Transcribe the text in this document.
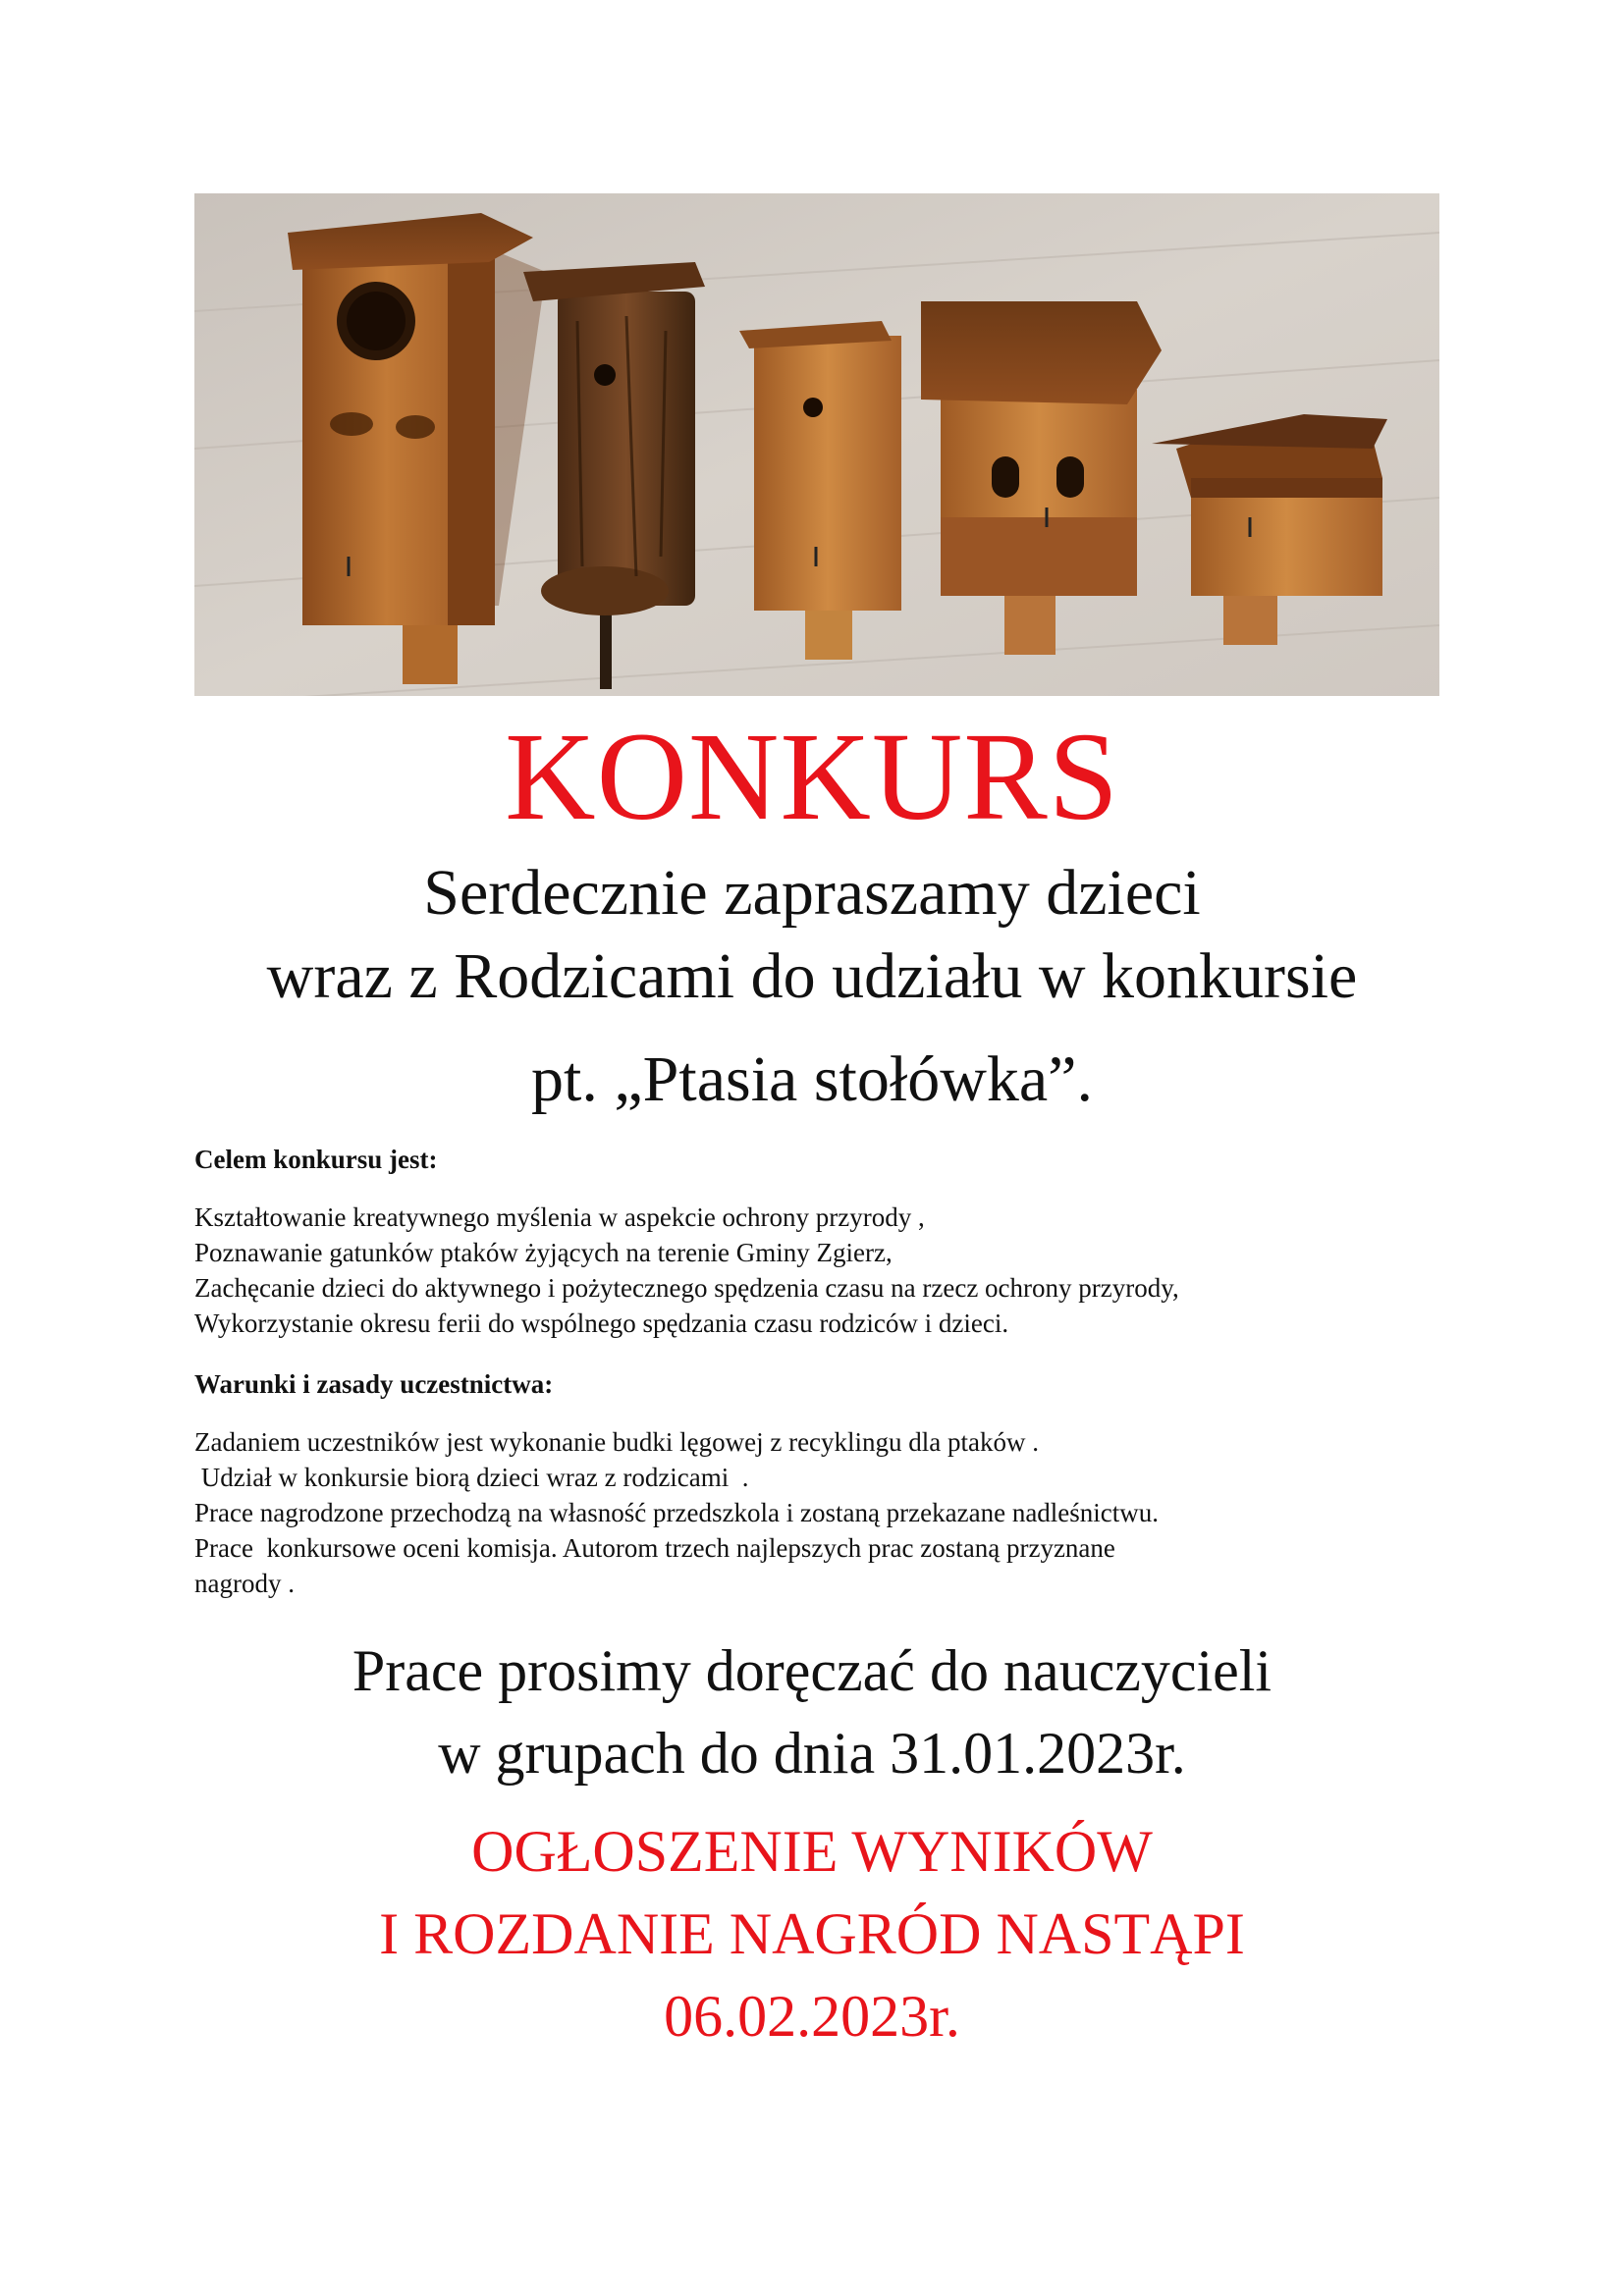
KONKURS
Serdecznie zapraszamy dzieci
wraz z Rodzicami do udziału w konkursie
pt. „Ptasia stołówka”.
Celem konkursu jest:
Kształtowanie kreatywnego myślenia w aspekcie ochrony przyrody ,
Poznawanie gatunków ptaków żyjących na terenie Gminy Zgierz,
Zachęcanie dzieci do aktywnego i pożytecznego spędzenia czasu na rzecz ochrony przyrody,
Wykorzystanie okresu ferii do wspólnego spędzania czasu rodziców i dzieci.
Warunki i zasady uczestnictwa:
Zadaniem uczestników jest wykonanie budki lęgowej z recyklingu dla ptaków .
Udział w konkursie biorą dzieci wraz z rodzicami  .
Prace nagrodzone przechodzą na własność przedszkola i zostaną przekazane nadleśnictwu.
Prace  konkursowe oceni komisja. Autorom trzech najlepszych prac zostaną przyznane
nagrody .
Prace prosimy doręczać do nauczycieli
w grupach do dnia 31.01.2023r.
OGŁOSZENIE WYNIKÓW
I ROZDANIE NAGRÓD NASTĄPI
06.02.2023r.
